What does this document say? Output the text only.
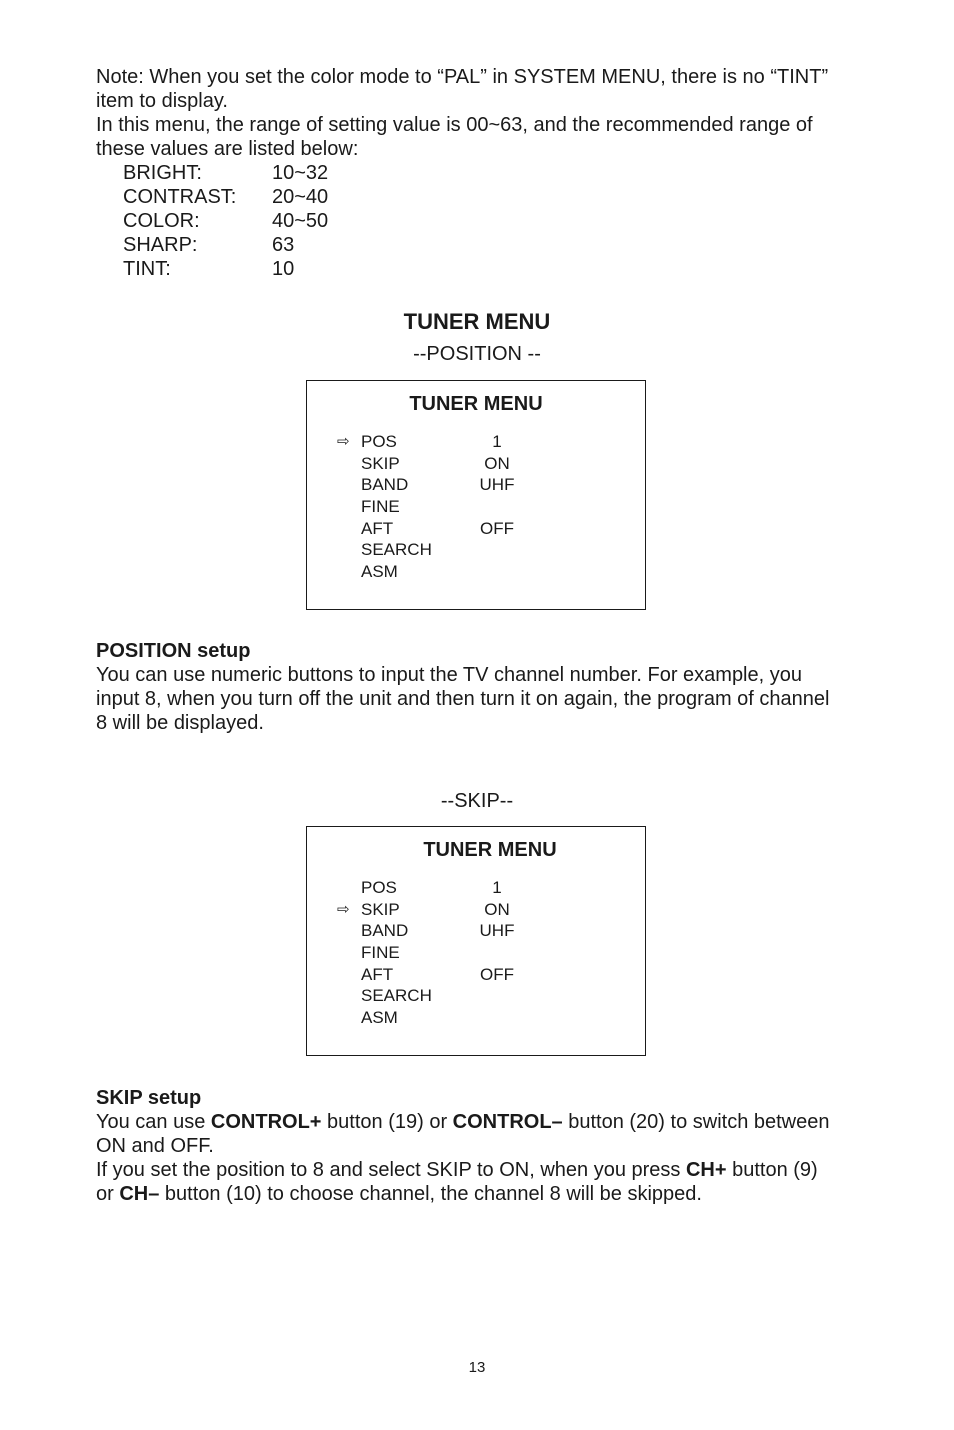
Note: When you set the color mode to “PAL” in SYSTEM MENU, there is no “TINT”

item to display.

In this menu, the range of setting value is 00~63, and the recommended range of

these values are listed below:

BRIGHT:	10~32
CONTRAST: 20~40
COLOR:	40~50
SHARP:	63
TINT:	10
TUNER MENU
--POSITION --
TUNER MENU
⇨ POS	1
SKIP	ON
BAND	UHF
FINE
AFT	OFF
SEARCH
ASM

POSITION setup

You can use numeric buttons to input the TV channel number. For example, you

input 8, when you turn off the unit and then turn it on again, the program of channel

8 will be displayed.

--SKIP--
TUNER MENU
POS	1
⇨ SKIP	ON
BAND	UHF
FINE
AFT	OFF
SEARCH
ASM

SKIP setup

You can use CONTROL+ button (19) or CONTROL– button (20) to switch between

ON and OFF.

If you set the position to 8 and select SKIP to ON, when you press CH+ button (9)

or CH– button (10) to choose channel, the channel 8 will be skipped.

13
